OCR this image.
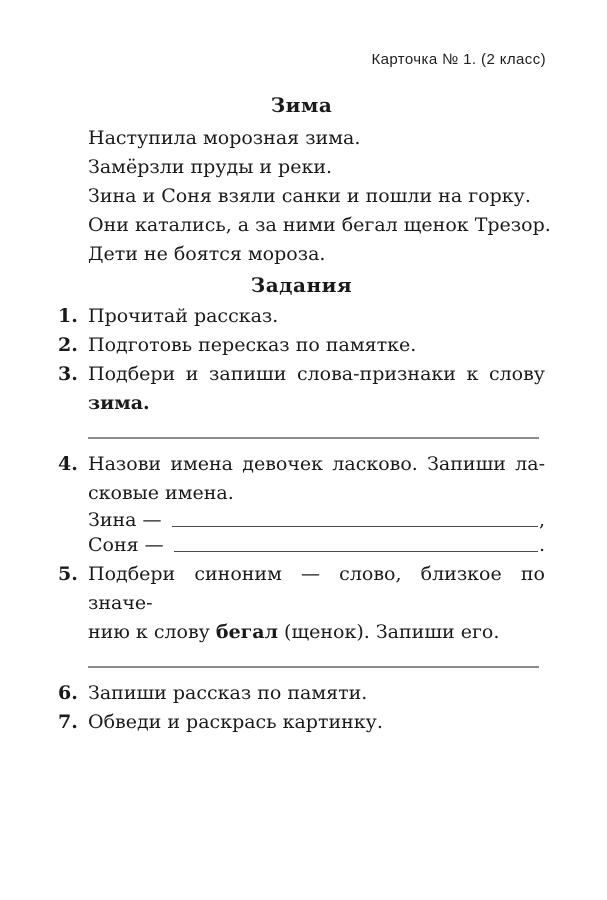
Карточка № 1. (2 класс)
Зима
Наступила морозная зима.
Замёрзли пруды и реки.
Зина и Соня взяли санки и пошли на горку.
Они катались, а за ними бегал щенок Трезор.
Дети не боятся мороза.
Задания
1. Прочитай рассказ.
2. Подготовь пересказ по памятке.
3. Подбери и запиши слова-признаки к слову
зима.
4. Назови имена девочек ласково. Запиши ла-
сковые имена.
Зина —	,
Соня —	.
5. Подбери синоним — слово, близкое по значе-
нию к слову бегал (щенок). Запиши его.
6. Запиши рассказ по памяти.
7. Обведи и раскрась картинку.
